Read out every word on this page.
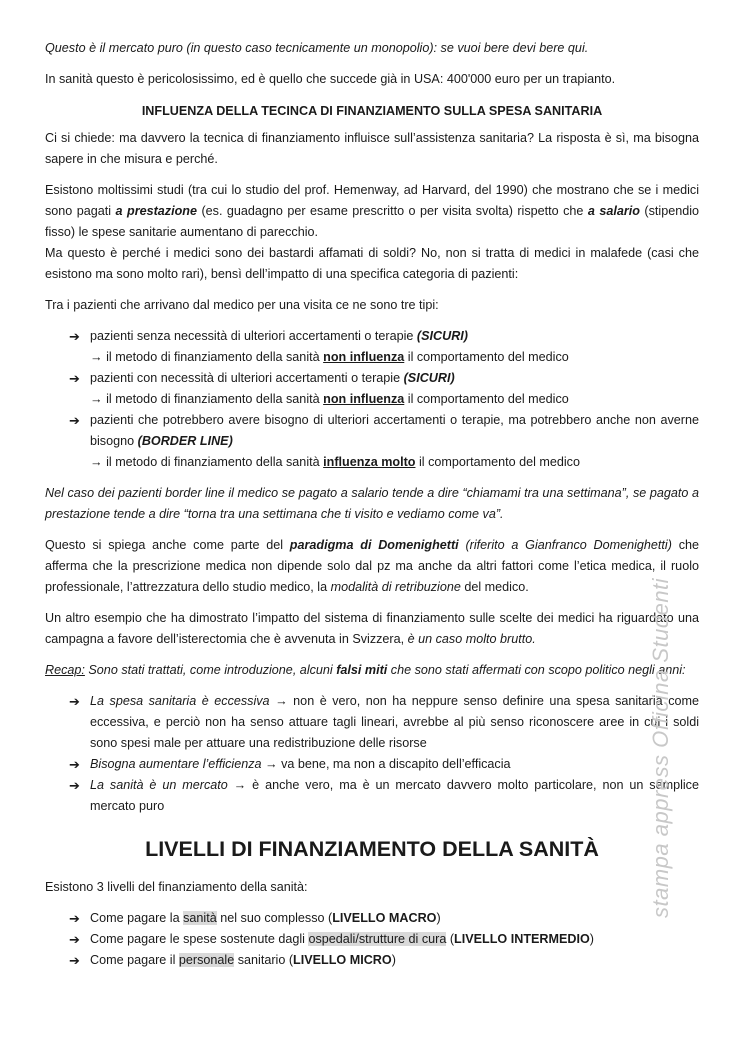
Questo è il mercato puro (in questo caso tecnicamente un monopolio): se vuoi bere devi bere qui.

In sanità questo è pericolosissimo, ed è quello che succede già in USA: 400'000 euro per un trapianto.

INFLUENZA DELLA TECINCA DI FINANZIAMENTO SULLA SPESA SANITARIA

Ci si chiede: ma davvero la tecnica di finanziamento influisce sull’assistenza sanitaria? La risposta è sì, ma bisogna sapere in che misura e perché.

Esistono moltissimi studi (tra cui lo studio del prof. Hemenway, ad Harvard, del 1990) che mostrano che se i medici sono pagati a prestazione (es. guadagno per esame prescritto o per visita svolta) rispetto che a salario (stipendio fisso) le spese sanitarie aumentano di parecchio.

Ma questo è perché i medici sono dei bastardi affamati di soldi? No, non si tratta di medici in malafede (casi che esistono ma sono molto rari), bensì dell’impatto di una specifica categoria di pazienti:

Tra i pazienti che arrivano dal medico per una visita ce ne sono tre tipi:

➔ pazienti senza necessità di ulteriori accertamenti o terapie (SICURI)
→ il metodo di finanziamento della sanità non influenza il comportamento del medico
➔ pazienti con necessità di ulteriori accertamenti o terapie (SICURI)
→ il metodo di finanziamento della sanità non influenza il comportamento del medico
➔ pazienti che potrebbero avere bisogno di ulteriori accertamenti o terapie, ma potrebbero anche non averne bisogno (BORDER LINE)
→ il metodo di finanziamento della sanità influenza molto il comportamento del medico

Nel caso dei pazienti border line il medico se pagato a salario tende a dire “chiamami tra una settimana”, se pagato a prestazione tende a dire “torna tra una settimana che ti visito e vediamo come va”.

Questo si spiega anche come parte del paradigma di Domenighetti (riferito a Gianfranco Domenighetti) che afferma che la prescrizione medica non dipende solo dal pz ma anche da altri fattori come l’etica medica, il ruolo professionale, l’attrezzatura dello studio medico, la modalità di retribuzione del medico.

Un altro esempio che ha dimostrato l’impatto del sistema di finanziamento sulle scelte dei medici ha riguardato una campagna a favore dell’isterectomia che è avvenuta in Svizzera, è un caso molto brutto.

Recap: Sono stati trattati, come introduzione, alcuni falsi miti che sono stati affermati con scopo politico negli anni:

➔ La spesa sanitaria è eccessiva → non è vero, non ha neppure senso definire una spesa sanitaria come eccessiva, e perciò non ha senso attuare tagli lineari, avrebbe al più senso riconoscere aree in cui i soldi sono spesi male per attuare una redistribuzione delle risorse
➔ Bisogna aumentare l’efficienza → va bene, ma non a discapito dell’efficacia
➔ La sanità è un mercato → è anche vero, ma è un mercato davvero molto particolare, non un semplice mercato puro
LIVELLI DI FINANZIAMENTO DELLA SANITÀ

Esistono 3 livelli del finanziamento della sanità:

➔ Come pagare la sanità nel suo complesso (LIVELLO MACRO)
➔ Come pagare le spese sostenute dagli ospedali/strutture di cura (LIVELLO INTERMEDIO)
➔ Come pagare il personale sanitario (LIVELLO MICRO)
stampa appress Officina Studenti
